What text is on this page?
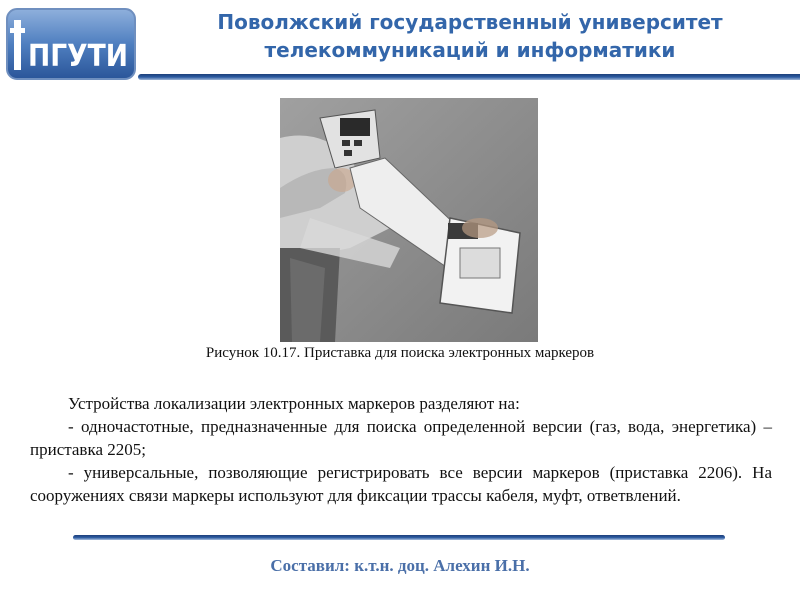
ПГУТИ
Поволжский государственный университет
телекоммуникаций и информатики
Рисунок 10.17. Приставка для поиска электронных маркеров

Устройства локализации электронных маркеров разделяют на:

- одночастотные, предназначенные для поиска определенной версии (газ, вода, энергетика) – приставка 2205;

- универсальные, позволяющие регистрировать все версии маркеров (приставка 2206). На сооружениях связи маркеры используют для фиксации трассы кабеля, муфт, ответвлений.

Составил: к.т.н. доц. Алехин И.Н.
